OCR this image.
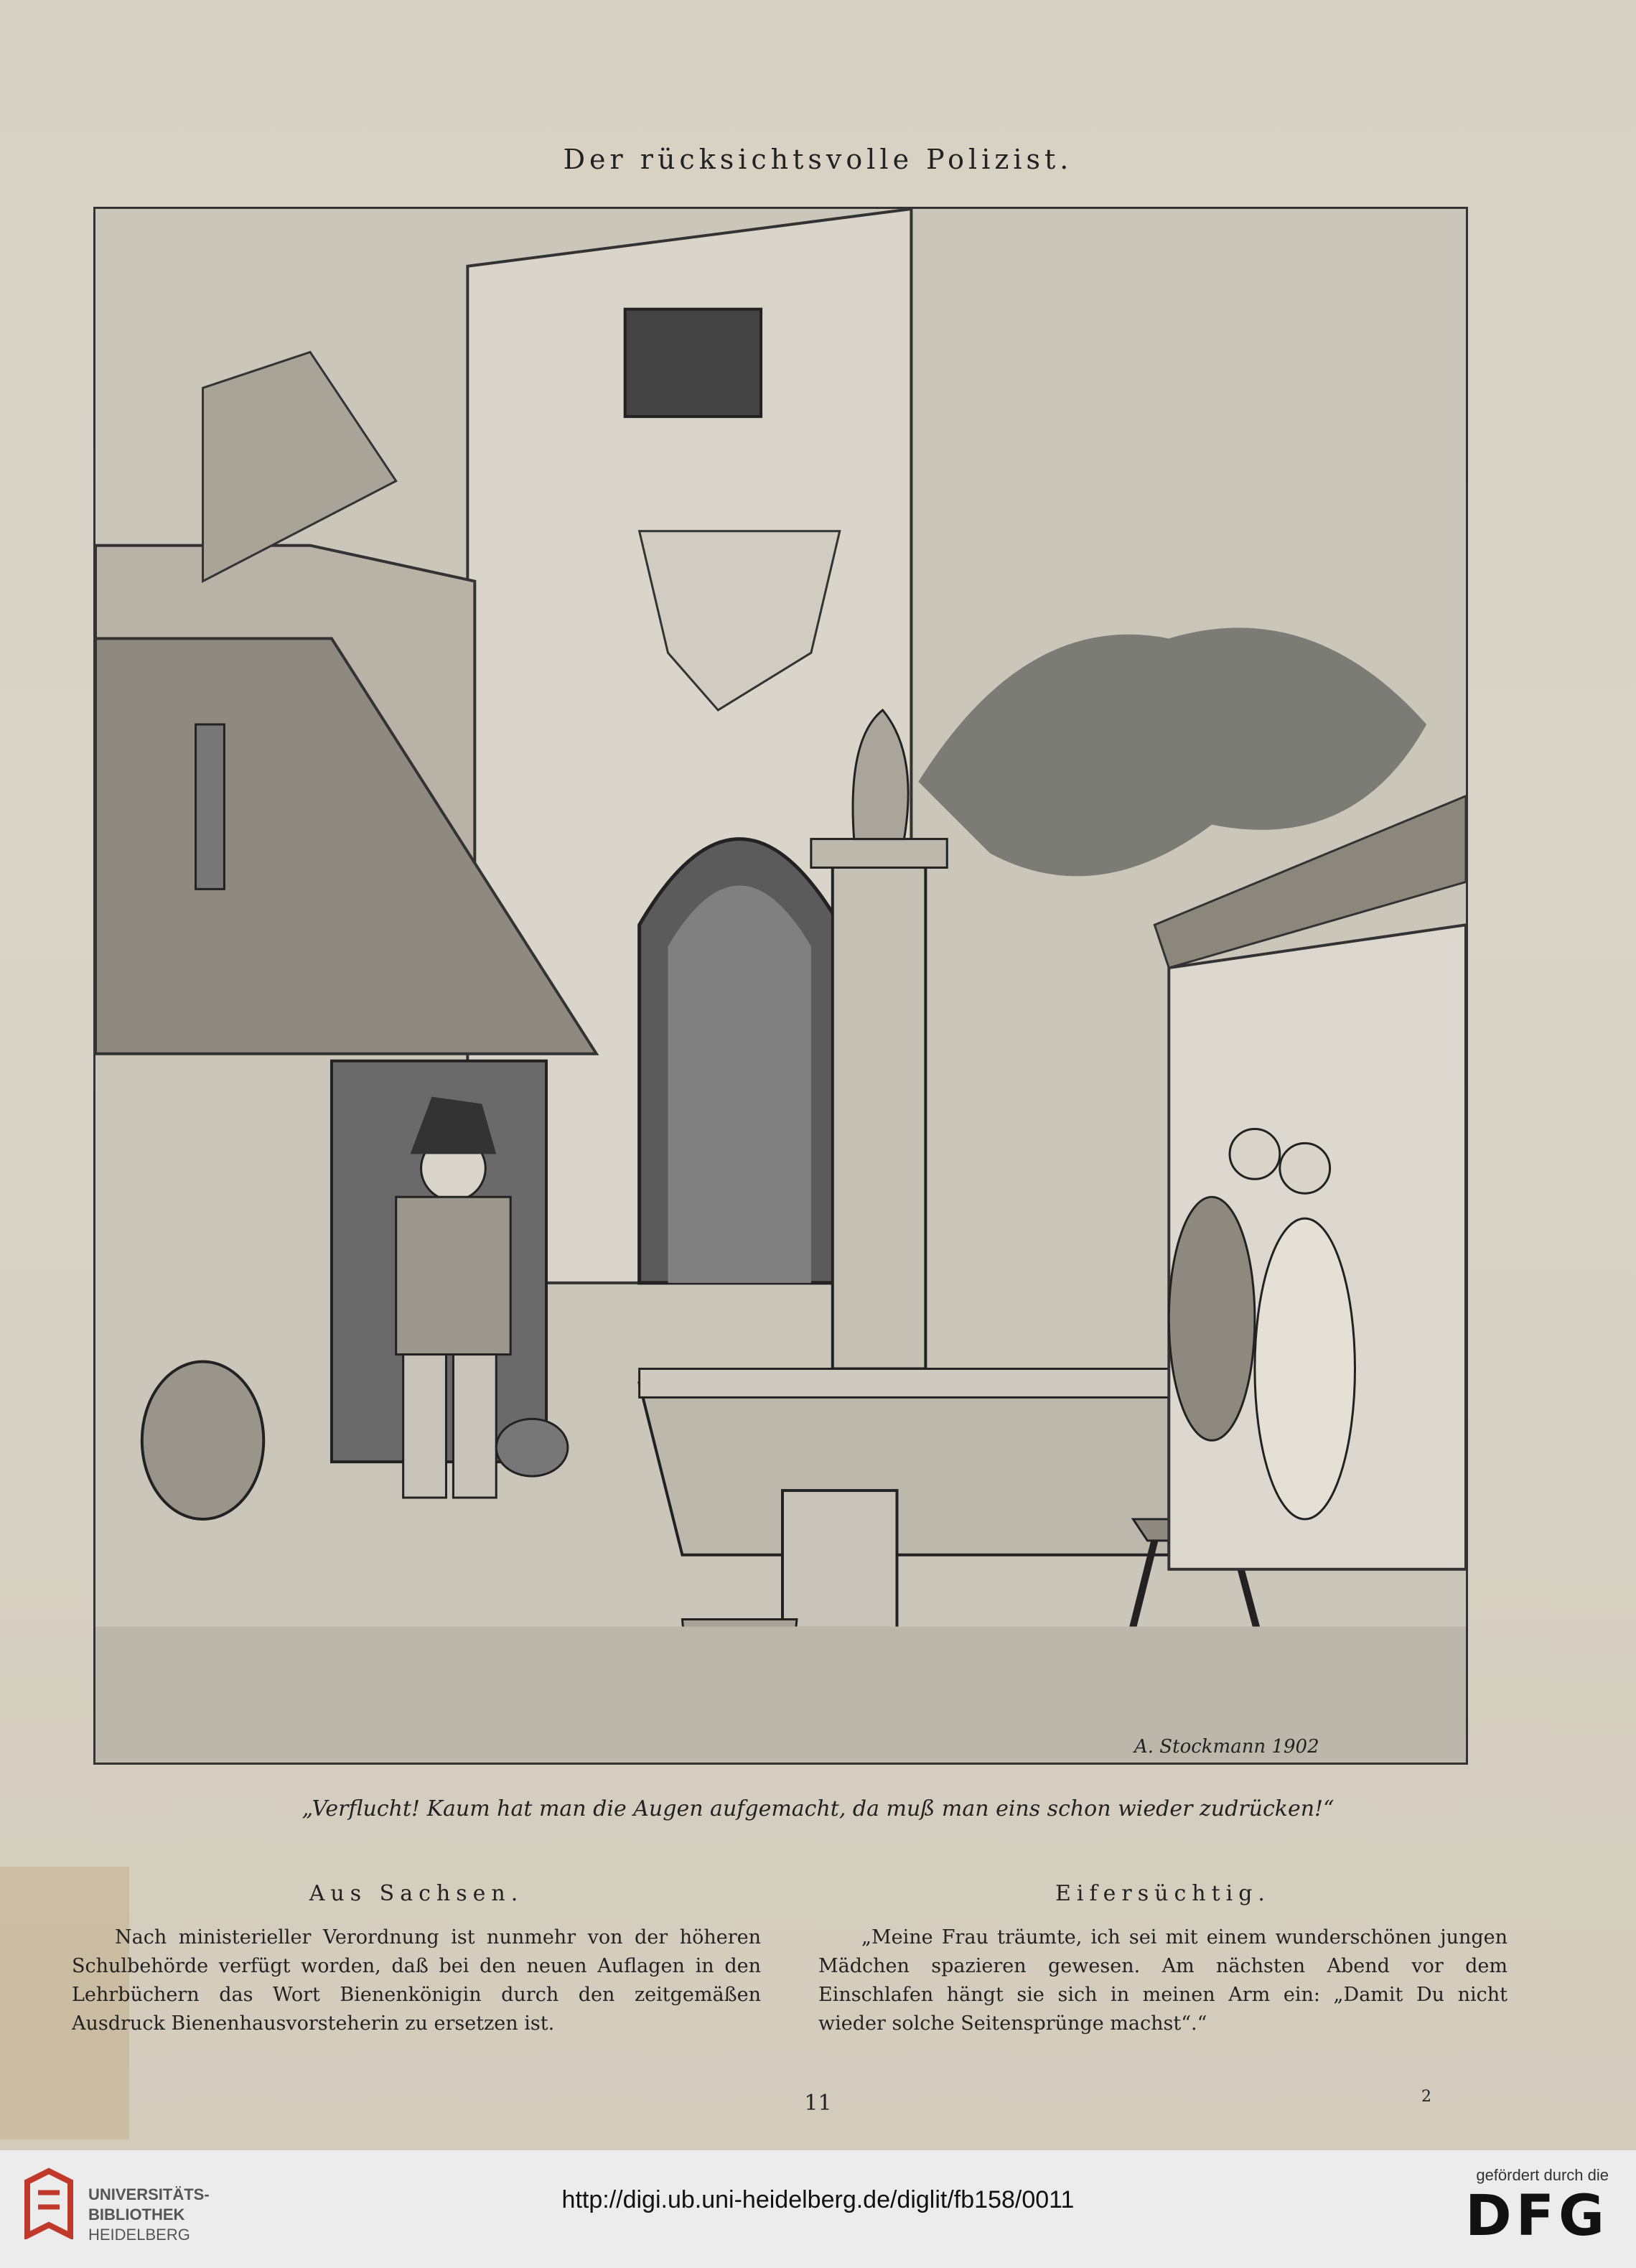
Der rücksichtsvolle Polizist.
A. Stockmann 1902
„Verflucht! Kaum hat man die Augen aufgemacht, da muß man eins schon wieder zudrücken!“
Aus Sachsen.
Nach ministerieller Verordnung ist nunmehr von der höheren Schulbehörde verfügt worden, daß bei den neuen Auflagen in den Lehrbüchern das Wort Bienenkönigin durch den zeitgemäßen Ausdruck Bienenhausvorsteherin zu ersetzen ist.
Eifersüchtig.
„Meine Frau träumte, ich sei mit einem wunderschönen jungen Mädchen spazieren gewesen. Am nächsten Abend vor dem Einschlafen hängt sie sich in meinen Arm ein: „Damit Du nicht wieder solche Seitensprünge machst“.“
11	2
UNIVERSITÄTS-
BIBLIOTHEK
HEIDELBERG
http://digi.ub.uni-heidelberg.de/diglit/fb158/0011
gefördert durch die
DFG
